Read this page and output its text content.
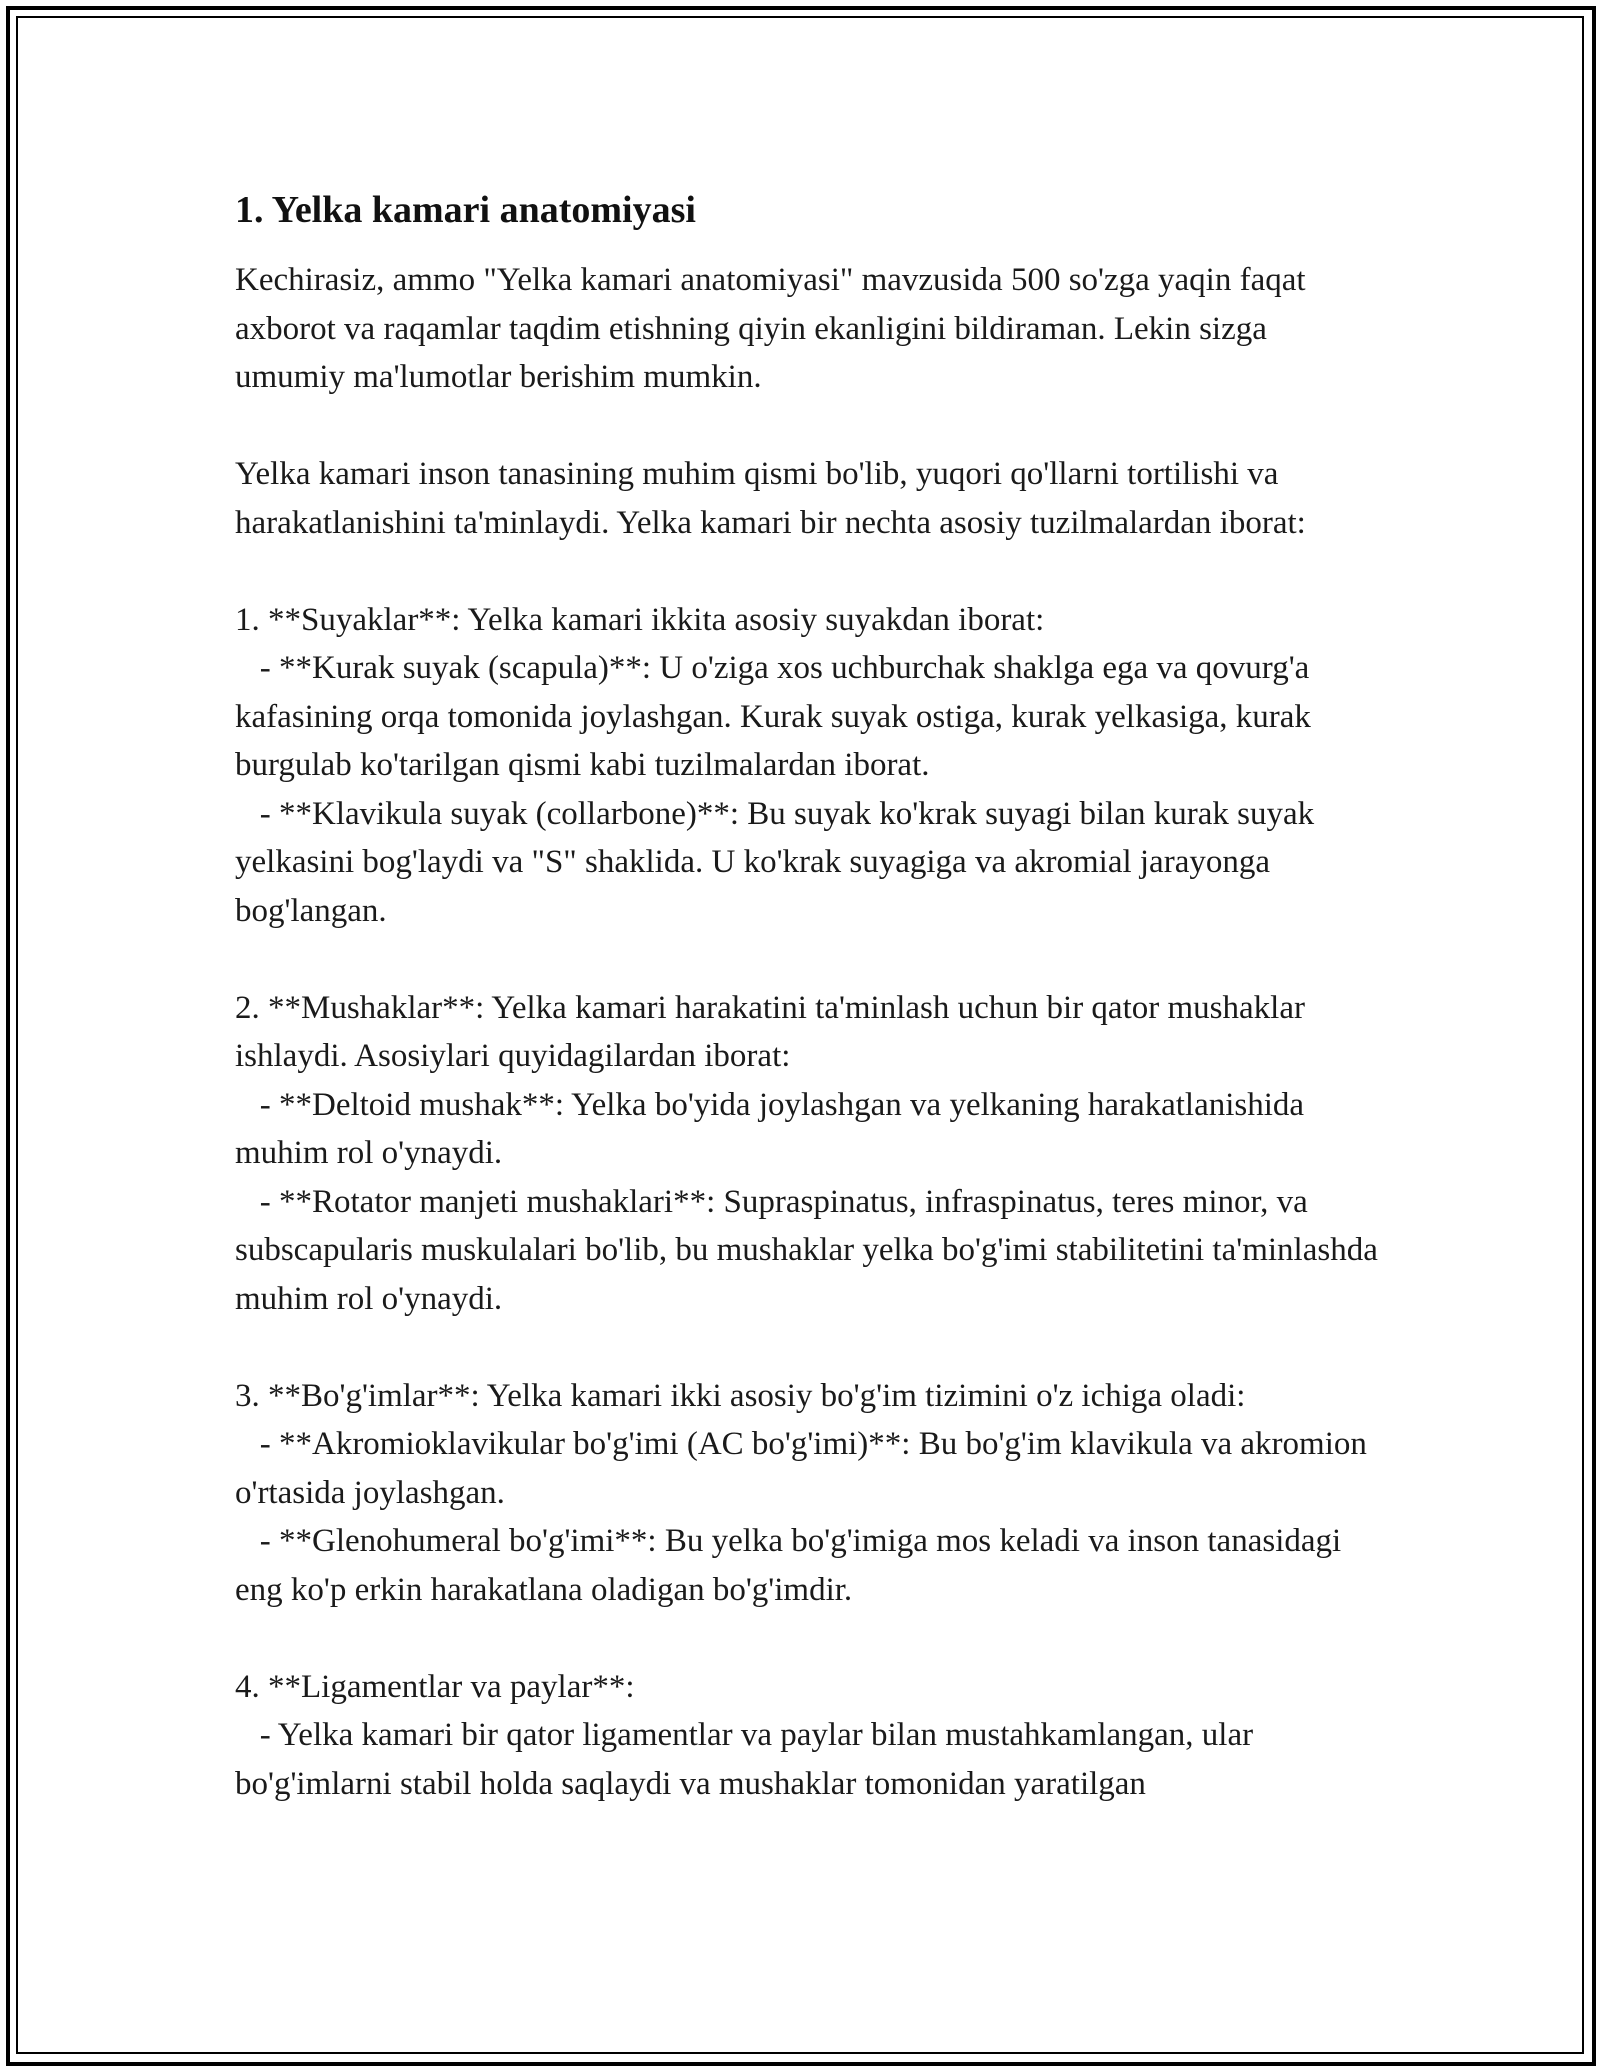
1. Yelka kamari anatomiyasi

Kechirasiz, ammo "Yelka kamari anatomiyasi" mavzusida 500 so'zga yaqin faqat axborot va raqamlar taqdim etishning qiyin ekanligini bildiraman. Lekin sizga umumiy ma'lumotlar berishim mumkin.

Yelka kamari inson tanasining muhim qismi bo'lib, yuqori qo'llarni tortilishi va harakatlanishini ta'minlaydi. Yelka kamari bir nechta asosiy tuzilmalardan iborat:

1. **Suyaklar**: Yelka kamari ikkita asosiy suyakdan iborat:
- **Kurak suyak (scapula)**: U o'ziga xos uchburchak shaklga ega va qovurg'a kafasining orqa tomonida joylashgan. Kurak suyak ostiga, kurak yelkasiga, kurak burgulab ko'tarilgan qismi kabi tuzilmalardan iborat.
- **Klavikula suyak (collarbone)**: Bu suyak ko'krak suyagi bilan kurak suyak yelkasini bog'laydi va "S" shaklida. U ko'krak suyagiga va akromial jarayonga bog'langan.

2. **Mushaklar**: Yelka kamari harakatini ta'minlash uchun bir qator mushaklar ishlaydi. Asosiylari quyidagilardan iborat:
- **Deltoid mushak**: Yelka bo'yida joylashgan va yelkaning harakatlanishida muhim rol o'ynaydi.
- **Rotator manjeti mushaklari**: Supraspinatus, infraspinatus, teres minor, va subscapularis muskulalari bo'lib, bu mushaklar yelka bo'g'imi stabilitetini ta'minlashda muhim rol o'ynaydi.

3. **Bo'g'imlar**: Yelka kamari ikki asosiy bo'g'im tizimini o'z ichiga oladi:
- **Akromioklavikular bo'g'imi (AC bo'g'imi)**: Bu bo'g'im klavikula va akromion o'rtasida joylashgan.
- **Glenohumeral bo'g'imi**: Bu yelka bo'g'imiga mos keladi va inson tanasidagi eng ko'p erkin harakatlana oladigan bo'g'imdir.

4. **Ligamentlar va paylar**:
- Yelka kamari bir qator ligamentlar va paylar bilan mustahkamlangan, ular bo'g'imlarni stabil holda saqlaydi va mushaklar tomonidan yaratilgan
